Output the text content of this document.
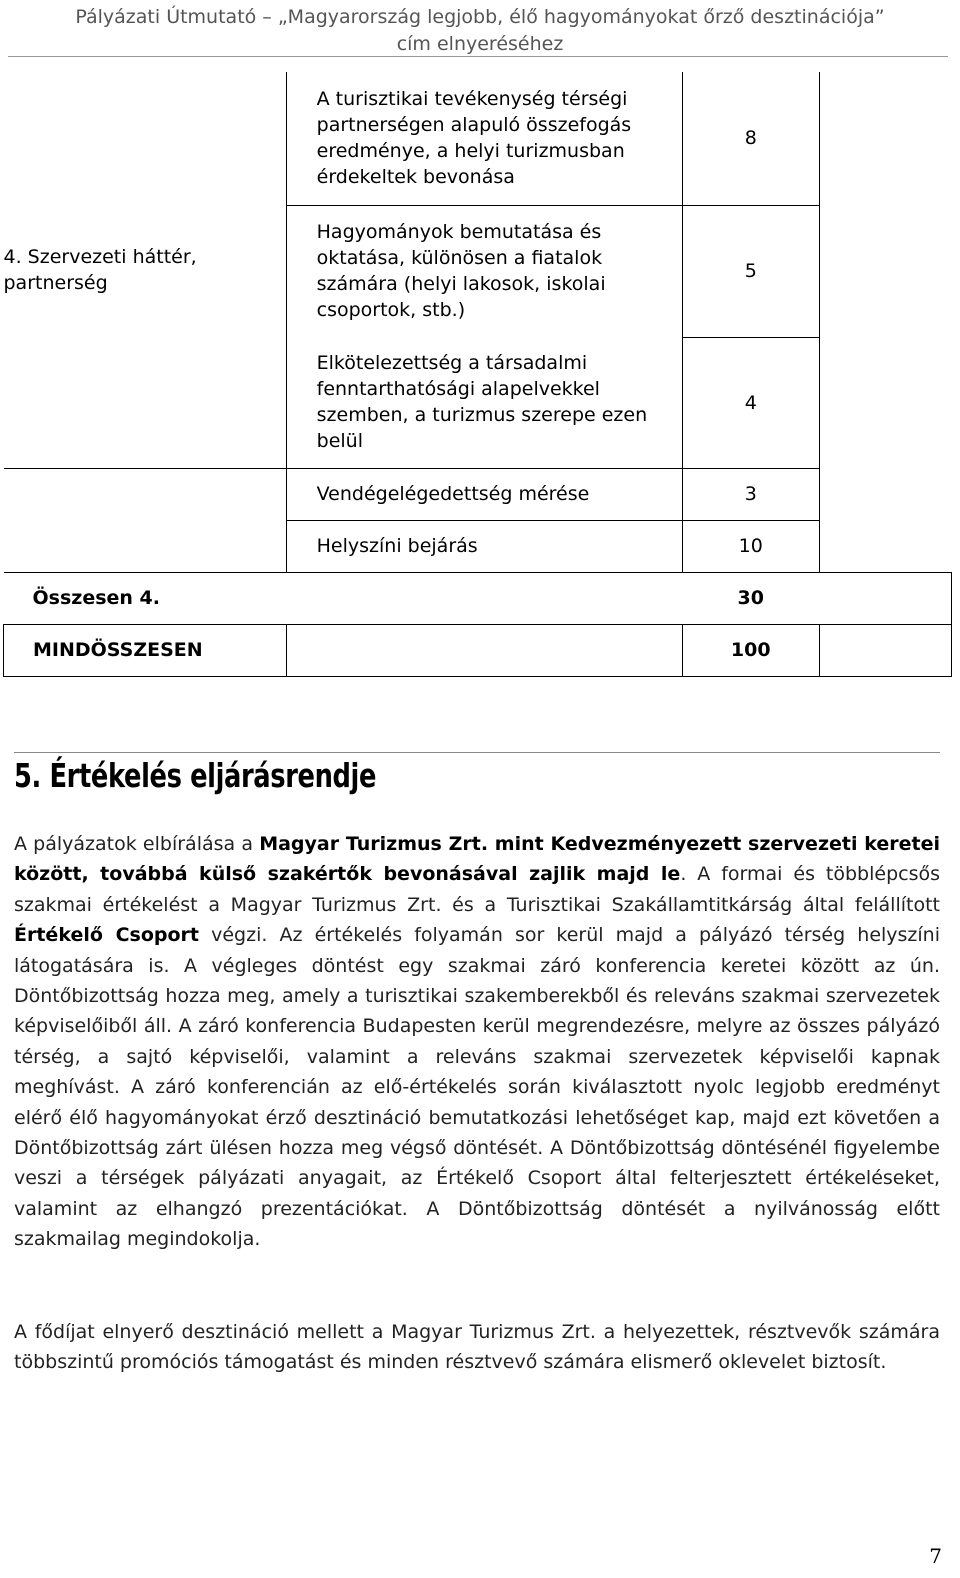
Pályázati Útmutató – „Magyarország legjobb, élő hagyományokat őrző desztinációja”
cím elnyeréséhez
4. Szervezeti háttér, partnerség	A turisztikai tevékenység térségi partnerségen alapuló összefogás eredménye, a helyi turizmusban érdekeltek bevonása	8	
	Hagyományok bemutatása és oktatása, különösen a fiatalok számára (helyi lakosok, iskolai csoportok, stb.)	5	
	Elkötelezettség a társadalmi fenntarthatósági alapelvekkel szemben, a turizmus szerepe ezen belül	4	
	Vendégelégedettség mérése	3	
	Helyszíni bejárás	10	
Összesen 4.		30	
MINDÖSSZESEN		100	
5. Értékelés eljárásrendje
A pályázatok elbírálása a Magyar Turizmus Zrt. mint Kedvezményezett szervezeti keretei között, továbbá külső szakértők bevonásával zajlik majd le. A formai és többlépcsős szakmai értékelést a Magyar Turizmus Zrt. és a Turisztikai Szakállamtitkárság által felállított Értékelő Csoport végzi. Az értékelés folyamán sor kerül majd a pályázó térség helyszíni látogatására is. A végleges döntést egy szakmai záró konferencia keretei között az ún. Döntőbizottság hozza meg, amely a turisztikai szakemberekből és releváns szakmai szervezetek képviselőiből áll. A záró konferencia Budapesten kerül megrendezésre, melyre az összes pályázó térség, a sajtó képviselői, valamint a releváns szakmai szervezetek képviselői kapnak meghívást. A záró konferencián az elő-értékelés során kiválasztott nyolc legjobb eredményt elérő élő hagyományokat érző desztináció bemutatkozási lehetőséget kap, majd ezt követően a Döntőbizottság zárt ülésen hozza meg végső döntését. A Döntőbizottság döntésénél figyelembe veszi a térségek pályázati anyagait, az Értékelő Csoport által felterjesztett értékeléseket, valamint az elhangzó prezentációkat. A Döntőbizottság döntését a nyilvánosság előtt szakmailag megindokolja.
A fődíjat elnyerő desztináció mellett a Magyar Turizmus Zrt. a helyezettek, résztvevők számára többszintű promóciós támogatást és minden résztvevő számára elismerő oklevelet biztosít.
7
